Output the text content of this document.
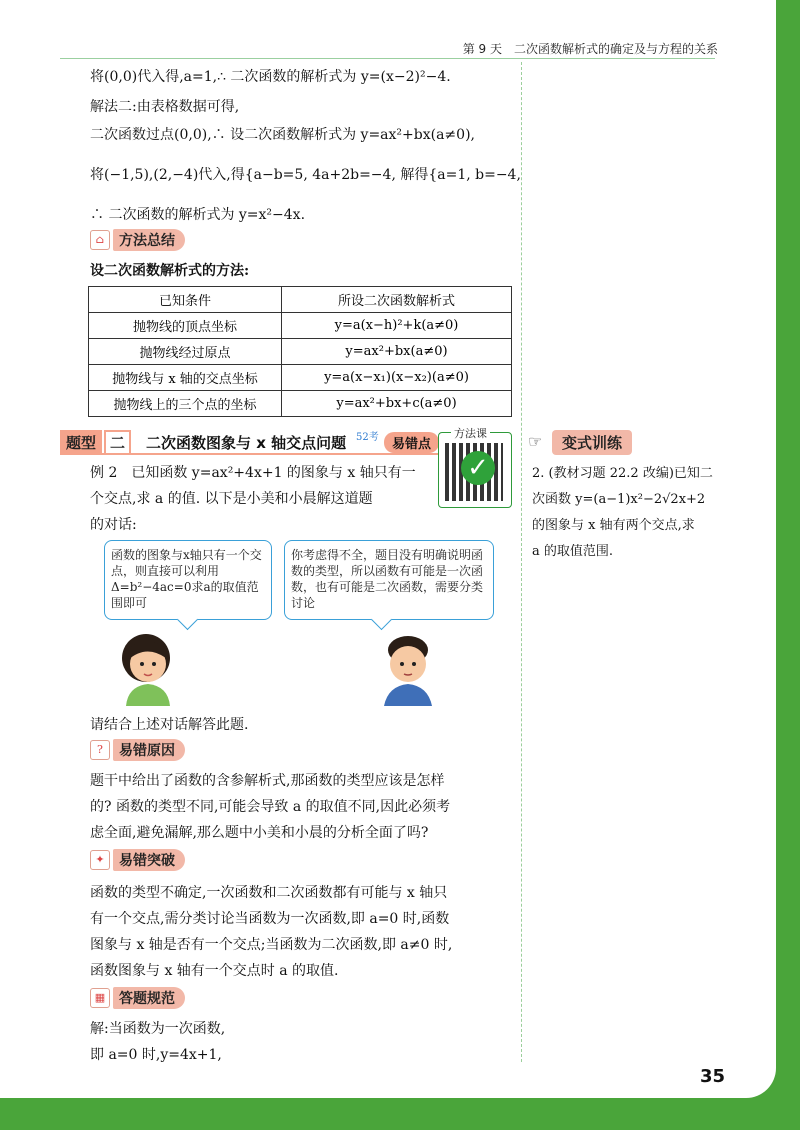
第 9 天　二次函数解析式的确定及与方程的关系
将(0,0)代入得,a=1,∴ 二次函数的解析式为 y=(x−2)²−4.
解法二:由表格数据可得,
二次函数过点(0,0),∴ 设二次函数解析式为 y=ax²+bx(a≠0),
将(−1,5),(2,−4)代入,得{a−b=5, 4a+2b=−4, 解得{a=1, b=−4,
∴ 二次函数的解析式为 y=x²−4x.
⌂	方法总结
设二次函数解析式的方法:
已知条件	所设二次函数解析式
抛物线的顶点坐标	y=a(x−h)²+k(a≠0)
抛物线经过原点	y=ax²+bx(a≠0)
抛物线与 x 轴的交点坐标	y=a(x−x₁)(x−x₂)(a≠0)
抛物线上的三个点的坐标	y=ax²+bx+c(a≠0)
题型 二	二次函数图象与 x 轴交点问题 52考	易错点
方法课
✓
例 2　已知函数 y=ax²+4x+1 的图象与 x 轴只有一
个交点,求 a 的值. 以下是小美和小晨解这道题
的对话:
函数的图象与x轴只有一个交点，则直接可以利用Δ=b²−4ac=0求a的取值范围即可
你考虑得不全，题目没有明确说明函数的类型，所以函数有可能是一次函数，也有可能是二次函数，需要分类讨论
请结合上述对话解答此题.
?	易错原因
题干中给出了函数的含参解析式,那函数的类型应该是怎样
的? 函数的类型不同,可能会导致 a 的取值不同,因此必须考
虑全面,避免漏解,那么题中小美和小晨的分析全面了吗?
✦	易错突破
函数的类型不确定,一次函数和二次函数都有可能与 x 轴只
有一个交点,需分类讨论当函数为一次函数,即 a=0 时,函数
图象与 x 轴是否有一个交点;当函数为二次函数,即 a≠0 时,
函数图象与 x 轴有一个交点时 a 的取值.
▦ 答题规范
解:当函数为一次函数,
即 a=0 时,y=4x+1,
☞	变式训练
2. (教材习题 22.2 改编)已知二
次函数 y=(a−1)x²−2√2x+2
的图象与 x 轴有两个交点,求
a 的取值范围.
35
